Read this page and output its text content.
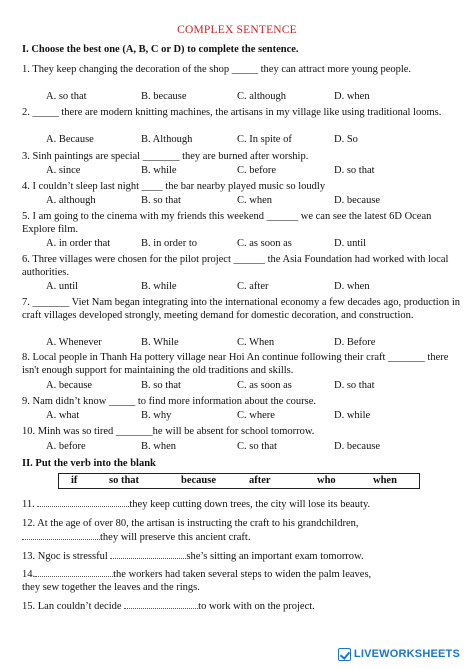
COMPLEX SENTENCE
I. Choose the best one (A, B, C or D) to complete the sentence.
1. They keep changing the decoration of the shop _____ they can attract more young people.
A. so that	B. because	C. although	D. when
2. _____ there are modern knitting machines, the artisans in my village like using traditional looms.
A. Because	B. Although	C. In spite of	D. So
3. Sinh paintings are special _______ they are burned after worship.
A. since	B. while	C. before	D. so that
4. I couldn’t sleep last night ____ the bar nearby played music so loudly
A. although	B. so that	C. when	D. because
5. I am going to the cinema with my friends this weekend ______ we can see the latest 6D Ocean Explore film.
A. in order that	B. in order to	C. as soon as	D. until
6. Three villages were chosen for the pilot project ______ the Asia Foundation had worked with local authorities.
A. until	B. while	C. after	D. when
7. _______ Viet Nam began integrating into the international economy a few decades ago, production in craft villages developed strongly, meeting demand for domestic decoration, and construction.
A. Whenever	B. While	C. When	D. Before
8. Local people in Thanh Ha pottery village near Hoi An continue following their craft _______ there isn't enough support for maintaining the old traditions and skills.
A. because	B. so that	C. as soon as	D. so that
9. Nam didn’t know _____ to find more information about the course.
A. what	B. why	C. where	D. while
10. Minh was so tired _______he will be absent for school tomorrow.
A. before	B. when	C. so that	D. because
II. Put the verb into the blank
if	so that	because	after	who	when
11.	they keep cutting down trees, the city will lose its beauty.
12. At the age of over 80, the artisan is instructing the craft to his grandchildren,
they will preserve this ancient craft.
13. Ngoc is stressful	she’s sitting an important exam tomorrow.
14.	the workers had taken several steps to widen the palm leaves,
they sew together the leaves and the rings.
15. Lan couldn’t decide	to work with on the project.
LIVEWORKSHEETS
